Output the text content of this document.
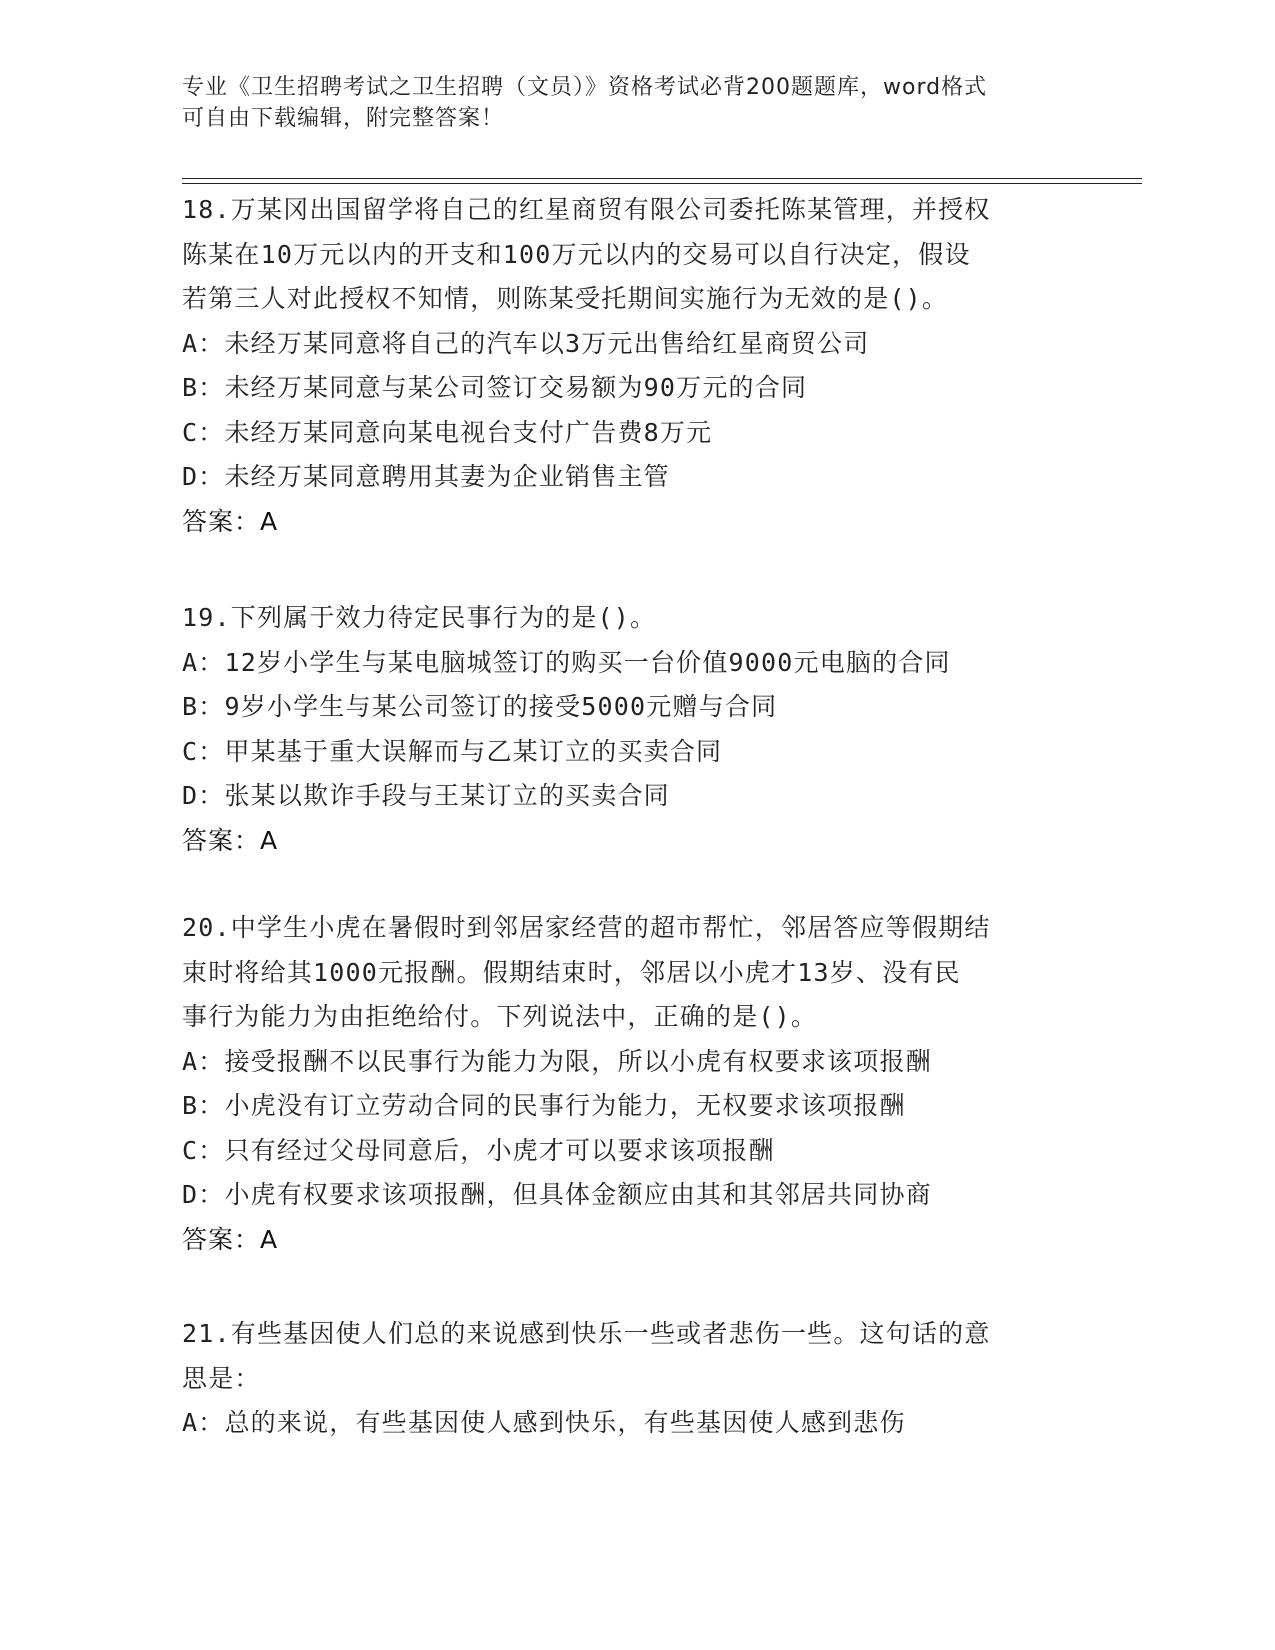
专业《卫生招聘考试之卫生招聘（文员）》资格考试必背200题题库，word格式
可自由下载编辑，附完整答案！
18.万某冈出国留学将自己的红星商贸有限公司委托陈某管理，并授权
陈某在10万元以内的开支和100万元以内的交易可以自行决定，假设
若第三人对此授权不知情，则陈某受托期间实施行为无效的是()。
A：未经万某同意将自己的汽车以3万元出售给红星商贸公司
B：未经万某同意与某公司签订交易额为90万元的合同
C：未经万某同意向某电视台支付广告费8万元
D：未经万某同意聘用其妻为企业销售主管
答案：A
19.下列属于效力待定民事行为的是()。
A：12岁小学生与某电脑城签订的购买一台价值9000元电脑的合同
B：9岁小学生与某公司签订的接受5000元赠与合同
C：甲某基于重大误解而与乙某订立的买卖合同
D：张某以欺诈手段与王某订立的买卖合同
答案：A
20.中学生小虎在暑假时到邻居家经营的超市帮忙，邻居答应等假期结
束时将给其1000元报酬。假期结束时，邻居以小虎才13岁、没有民
事行为能力为由拒绝给付。下列说法中，正确的是()。
A：接受报酬不以民事行为能力为限，所以小虎有权要求该项报酬
B：小虎没有订立劳动合同的民事行为能力，无权要求该项报酬
C：只有经过父母同意后，小虎才可以要求该项报酬
D：小虎有权要求该项报酬，但具体金额应由其和其邻居共同协商
答案：A
21.有些基因使人们总的来说感到快乐一些或者悲伤一些。这句话的意
思是：
A：总的来说，有些基因使人感到快乐，有些基因使人感到悲伤
